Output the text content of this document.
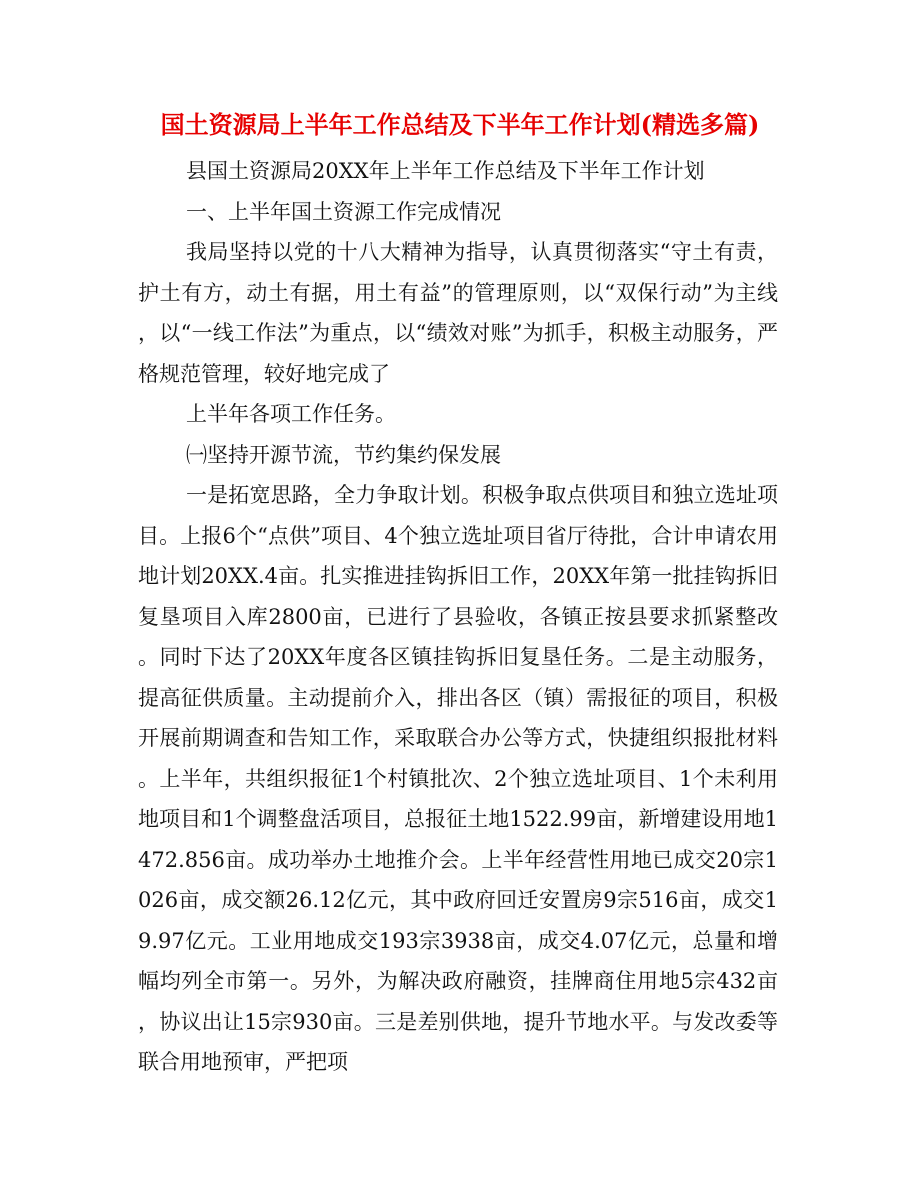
国土资源局上半年工作总结及下半年工作计划(精选多篇)

县国土资源局20XX年上半年工作总结及下半年工作计划

一、上半年国土资源工作完成情况

我局坚持以党的十八大精神为指导，认真贯彻落实“守土有责，护土有方，动土有据，用土有益”的管理原则，以“双保行动”为主线，以“一线工作法”为重点，以“绩效对账”为抓手，积极主动服务，严格规范管理，较好地完成了

上半年各项工作任务。

㈠坚持开源节流，节约集约保发展

一是拓宽思路，全力争取计划。积极争取点供项目和独立选址项目。上报6个“点供”项目、4个独立选址项目省厅待批，合计申请农用地计划20XX.4亩。扎实推进挂钩拆旧工作，20XX年第一批挂钩拆旧复垦项目入库2800亩，已进行了县验收，各镇正按县要求抓紧整改。同时下达了20XX年度各区镇挂钩拆旧复垦任务。二是主动服务，提高征供质量。主动提前介入，排出各区（镇）需报征的项目，积极开展前期调查和告知工作，采取联合办公等方式，快捷组织报批材料。上半年，共组织报征1个村镇批次、2个独立选址项目、1个未利用地项目和1个调整盘活项目，总报征土地1522.99亩，新增建设用地1472.856亩。成功举办土地推介会。上半年经营性用地已成交20宗1026亩，成交额26.12亿元，其中政府回迁安置房9宗516亩，成交19.97亿元。工业用地成交193宗3938亩，成交4.07亿元，总量和增幅均列全市第一。另外，为解决政府融资，挂牌商住用地5宗432亩，协议出让15宗930亩。三是差别供地，提升节地水平。与发改委等联合用地预审，严把项
